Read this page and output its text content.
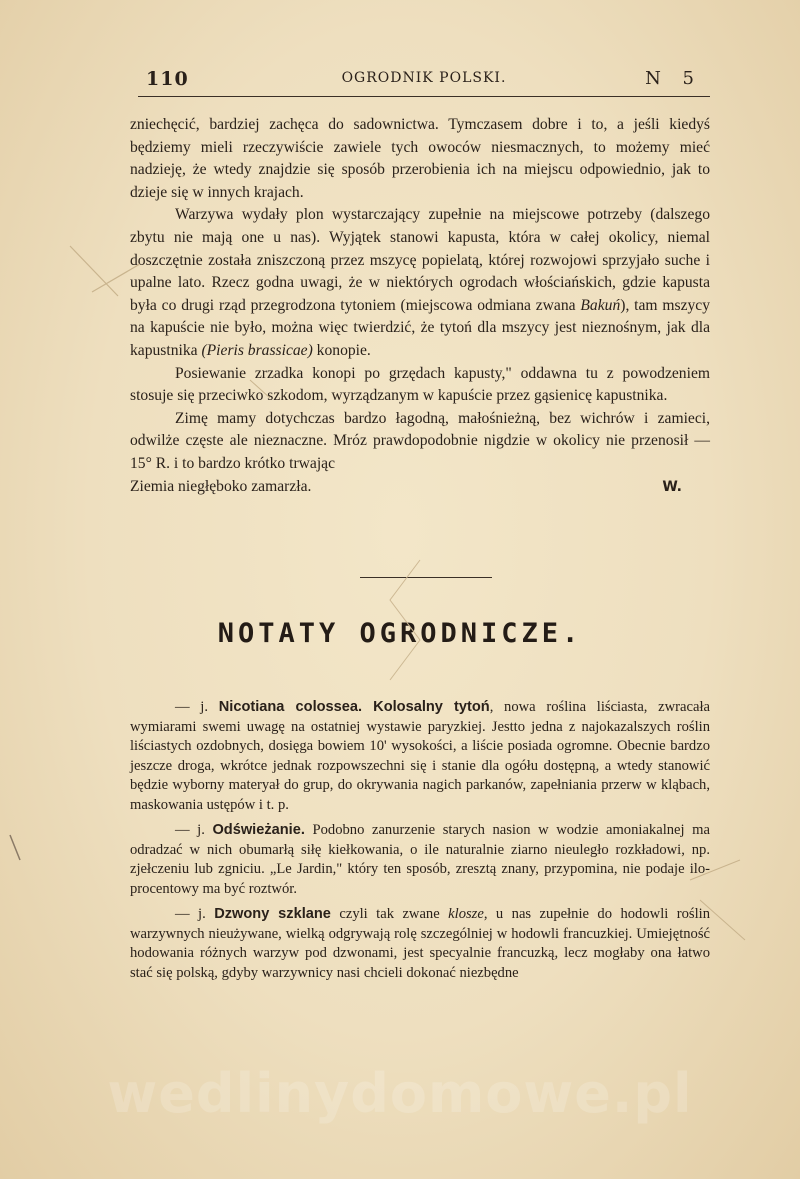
110	OGRODNIK POLSKI.	N 5

zniechęcić, bardziej zachęca do sadownictwa. Tymczasem dobre i to, a jeśli kiedyś będziemy mieli rzeczywiście zawiele tych owoców niesmacznych, to możemy mieć nadzieję, że wtedy znajdzie się sposób przerobienia ich na miejscu odpowiednio, jak to dzieje się w innych krajach.

Warzywa wydały plon wystarczający zupełnie na miejscowe potrzeby (dalszego zbytu nie mają one u nas). Wyjątek stanowi kapusta, która w całej okolicy, niemal doszczętnie została zniszczoną przez mszycę popielatą, której rozwojowi sprzyjało suche i upalne lato. Rzecz godna uwagi, że w niektórych ogrodach włościańskich, gdzie kapusta była co drugi rząd przegrodzona tytoniem (miejscowa odmiana zwana Bakuń), tam mszycy na kapuście nie było, można więc twierdzić, że tytoń dla mszycy jest nieznośnym, jak dla kapustnika (Pieris brassicae) konopie.

Posiewanie zrzadka konopi po grzędach kapusty," oddawna tu z powodzeniem stosuje się przeciwko szkodom, wyrządzanym w kapuście przez gąsienicę kapustnika.

Zimę mamy dotychczas bardzo łagodną, małośnieżną, bez wichrów i zamieci, odwilże częste ale nieznaczne. Mróz prawdopodobnie nigdzie w okolicy nie przenosił — 15° R. i to bardzo krótko trwając

Ziemia niegłęboko zamarzła.	W.
NOTATY OGRODNICZE.

— j. Nicotiana colossea. Kolosalny tytoń, nowa roślina liściasta, zwracała wymiarami swemi uwagę na ostatniej wystawie paryzkiej. Jestto jedna z najokazalszych roślin liściastych ozdobnych, dosięga bowiem 10' wysokości, a liście posiada ogromne. Obecnie bardzo jeszcze droga, wkrótce jednak rozpowszechni się i stanie dla ogółu dostępną, a wtedy stanowić będzie wyborny materyał do grup, do okrywania nagich parkanów, zapełniania przerw w kląbach, maskowania ustępów i t. p.

— j. Odświeżanie. Podobno zanurzenie starych nasion w wodzie amoniakalnej ma odradzać w nich obumarłą siłę kiełkowania, o ile naturalnie ziarno nieuległo rozkładowi, np. zjełczeniu lub zgniciu. „Le Jardin," który ten sposób, zresztą znany, przypomina, nie podaje ilo-procentowy ma być roztwór.

— j. Dzwony szklane czyli tak zwane klosze, u nas zupełnie do hodowli roślin warzywnych nieużywane, wielką odgrywają rolę szczególniej w hodowli francuzkiej. Umiejętność hodowania różnych warzyw pod dzwonami, jest specyalnie francuzką, lecz mogłaby ona łatwo stać się polską, gdyby warzywnicy nasi chcieli dokonać niezbędne

wedlinydomowe.pl
